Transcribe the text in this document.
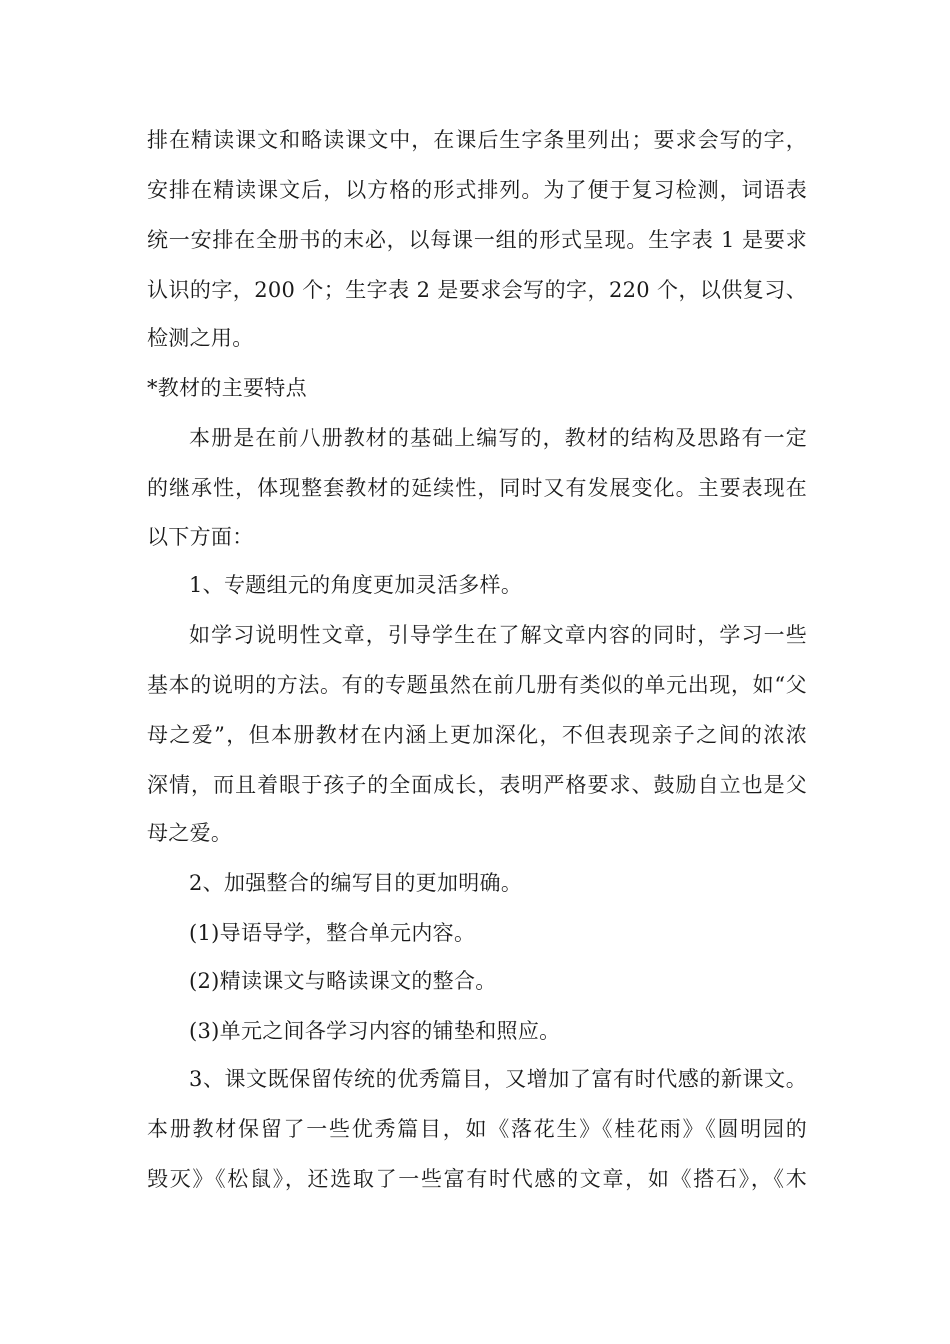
排在精读课文和略读课文中，在课后生字条里列出；要求会写的字，
安排在精读课文后，以方格的形式排列。为了便于复习检测，词语表
统一安排在全册书的末必，以每课一组的形式呈现。生字表 1 是要求
认识的字，200 个；生字表 2 是要求会写的字，220 个，以供复习、
检测之用。
*教材的主要特点
本册是在前八册教材的基础上编写的，教材的结构及思路有一定
的继承性，体现整套教材的延续性，同时又有发展变化。主要表现在
以下方面：
1、专题组元的角度更加灵活多样。
如学习说明性文章，引导学生在了解文章内容的同时，学习一些
基本的说明的方法。有的专题虽然在前几册有类似的单元出现，如“父
母之爱”，但本册教材在内涵上更加深化，不但表现亲子之间的浓浓
深情，而且着眼于孩子的全面成长，表明严格要求、鼓励自立也是父
母之爱。
2、加强整合的编写目的更加明确。
(1)导语导学，整合单元内容。
(2)精读课文与略读课文的整合。
(3)单元之间各学习内容的铺垫和照应。
3、课文既保留传统的优秀篇目，又增加了富有时代感的新课文。
本册教材保留了一些优秀篇目，如《落花生》《桂花雨》《圆明园的
毁灭》《松鼠》，还选取了一些富有时代感的文章，如《搭石》，《木
